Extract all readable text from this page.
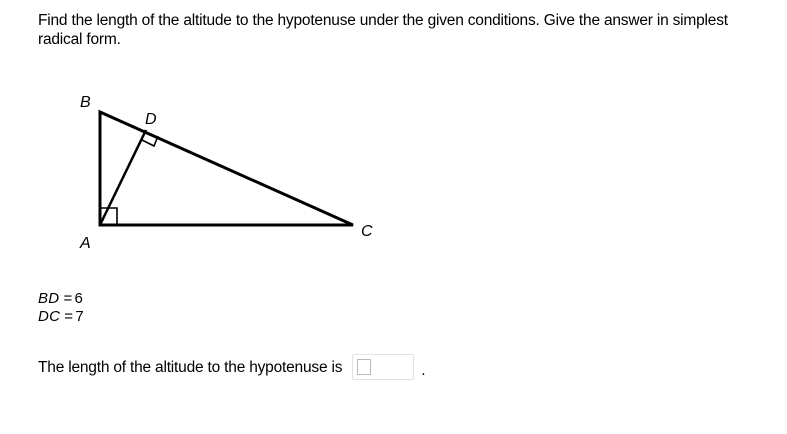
Find the length of the altitude to the hypotenuse under the given conditions. Give the answer in simplest radical form.
B
D
A
C
BD = 6
DC = 7
The length of the altitude to the hypotenuse is	.
